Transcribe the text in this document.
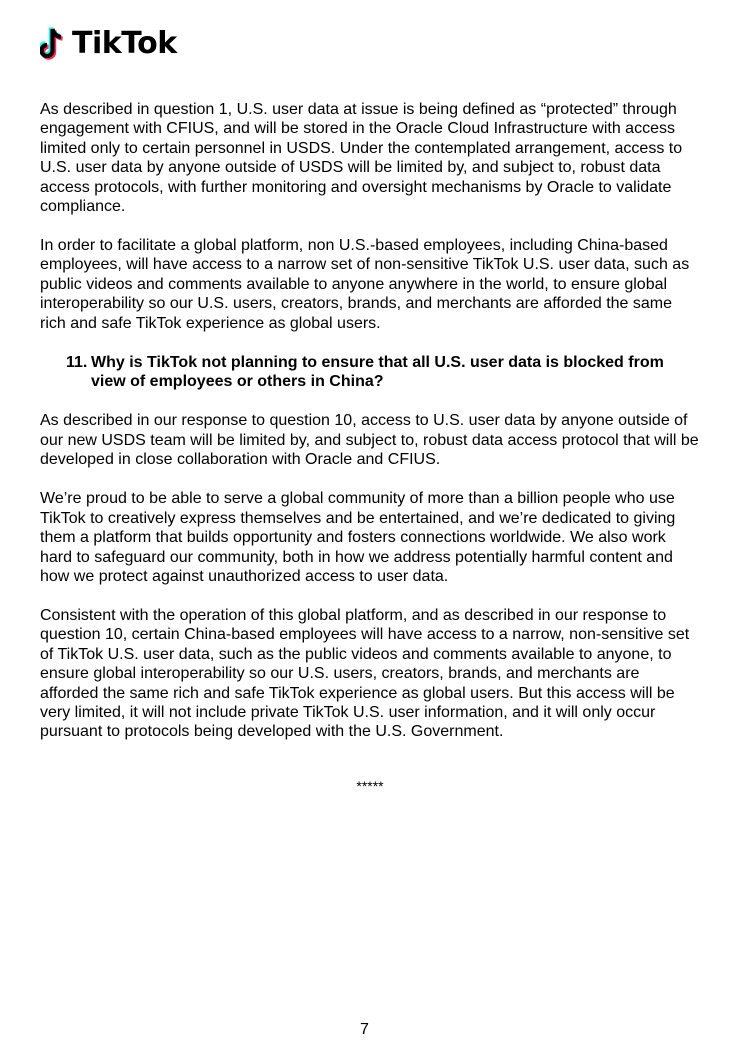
TikTok

As described in question 1, U.S. user data at issue is being defined as “protected” through engagement with CFIUS, and will be stored in the Oracle Cloud Infrastructure with access limited only to certain personnel in USDS. Under the contemplated arrangement, access to U.S. user data by anyone outside of USDS will be limited by, and subject to, robust data access protocols, with further monitoring and oversight mechanisms by Oracle to validate compliance.

In order to facilitate a global platform, non U.S.-based employees, including China-based employees, will have access to a narrow set of non-sensitive TikTok U.S. user data, such as public videos and comments available to anyone anywhere in the world, to ensure global interoperability so our U.S. users, creators, brands, and merchants are afforded the same rich and safe TikTok experience as global users.

11. Why is TikTok not planning to ensure that all U.S. user data is blocked from view of employees or others in China?

As described in our response to question 10, access to U.S. user data by anyone outside of our new USDS team will be limited by, and subject to, robust data access protocol that will be developed in close collaboration with Oracle and CFIUS.

We’re proud to be able to serve a global community of more than a billion people who use TikTok to creatively express themselves and be entertained, and we’re dedicated to giving them a platform that builds opportunity and fosters connections worldwide. We also work hard to safeguard our community, both in how we address potentially harmful content and how we protect against unauthorized access to user data.

Consistent with the operation of this global platform, and as described in our response to question 10, certain China-based employees will have access to a narrow, non-sensitive set of TikTok U.S. user data, such as the public videos and comments available to anyone, to ensure global interoperability so our U.S. users, creators, brands, and merchants are afforded the same rich and safe TikTok experience as global users. But this access will be very limited, it will not include private TikTok U.S. user information, and it will only occur pursuant to protocols being developed with the U.S. Government.

*****
7
